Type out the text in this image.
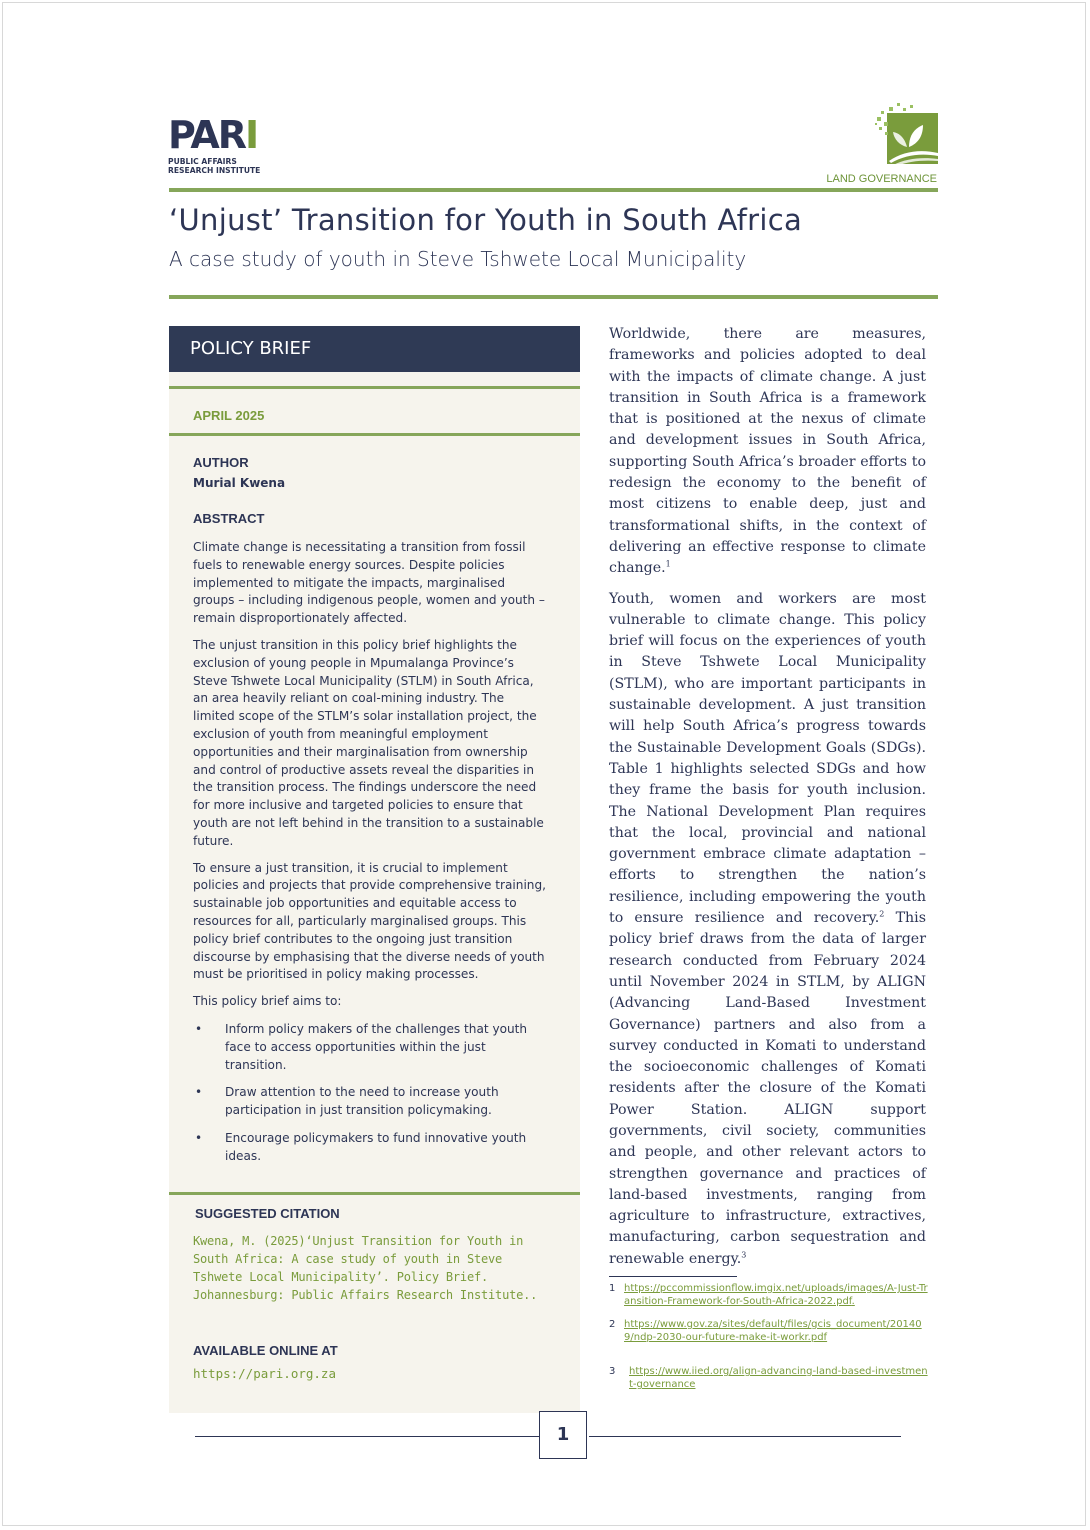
PARI
PUBLIC AFFAIRS
RESEARCH INSTITUTE
LAND GOVERNANCE
‘Unjust’ Transition for Youth in South Africa
A case study of youth in Steve Tshwete Local Municipality
POLICY BRIEF
APRIL 2025
AUTHOR
Murial Kwena
ABSTRACT

Climate change is necessitating a transition from fossil fuels to renewable energy sources. Despite policies implemented to mitigate the impacts, marginalised groups – including indigenous people, women and youth – remain disproportionately affected.

The unjust transition in this policy brief highlights the exclusion of young people in Mpumalanga Province’s Steve Tshwete Local Municipality (STLM) in South Africa, an area heavily reliant on coal-mining industry. The limited scope of the STLM’s solar installation project, the exclusion of youth from meaningful employment opportunities and their marginalisation from ownership and control of productive assets reveal the disparities in the transition process. The findings underscore the need for more inclusive and targeted policies to ensure that youth are not left behind in the transition to a sustainable future.

To ensure a just transition, it is crucial to implement policies and projects that provide comprehensive training, sustainable job opportunities and equitable access to resources for all, particularly marginalised groups. This policy brief contributes to the ongoing just transition discourse by emphasising that the diverse needs of youth must be prioritised in policy making processes.

This policy brief aims to:

• Inform policy makers of the challenges that youth face to access opportunities within the just transition.
• Draw attention to the need to increase youth participation in just transition policymaking.
• Encourage policymakers to fund innovative youth ideas.
SUGGESTED CITATION
Kwena, M. (2025)‘Unjust Transition for Youth in South Africa: A case study of youth in Steve Tshwete Local Municipality’. Policy Brief. Johannesburg: Public Affairs Research Institute..
AVAILABLE ONLINE AT
https://pari.org.za

Worldwide, there are measures, frameworks and policies adopted to deal with the impacts of climate change. A just transition in South Africa is a framework that is positioned at the nexus of climate and development issues in South Africa, supporting South Africa’s broader efforts to redesign the economy to the benefit of most citizens to enable deep, just and transformational shifts, in the context of delivering an effective response to climate change.$^1$

Youth, women and workers are most vulnerable to climate change. This policy brief will focus on the experiences of youth in Steve Tshwete Local Municipality (STLM), who are important participants in sustainable development. A just transition will help South Africa’s progress towards the Sustainable Development Goals (SDGs). Table 1 highlights selected SDGs and how they frame the basis for youth inclusion. The National Development Plan requires that the local, provincial and national government embrace climate adaptation – efforts to strengthen the nation’s resilience, including empowering the youth to ensure resilience and recovery.$^2$ This policy brief draws from the data of larger research conducted from February 2024 until November 2024 in STLM, by ALIGN (Advancing Land-Based Investment Governance) partners and also from a survey conducted in Komati to understand the socioeconomic challenges of Komati residents after the closure of the Komati Power Station. ALIGN support governments, civil society, communities and people, and other relevant actors to strengthen governance and practices of land-based investments, ranging from agriculture to infrastructure, extractives, manufacturing, carbon sequestration and renewable energy.$^3$

1 https://pccommissionflow.imgix.net/uploads/images/A-Just-Transition-Framework-for-South-Africa-2022.pdf.
2 https://www.gov.za/sites/default/files/gcis_document/201409/ndp-2030-our-future-make-it-workr.pdf
3	https://www.iied.org/align-advancing-land-based-investment-governance
1
